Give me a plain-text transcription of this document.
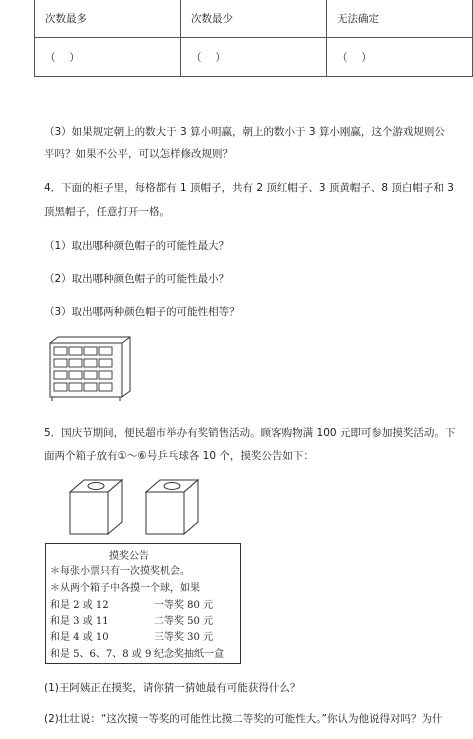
次数最多	次数最少	无法确定
（　 ）	（　 ）	（　 ）
（3）如果规定朝上的数大于 3 算小明赢，朝上的数小于 3 算小刚赢，这个游戏规则公
平吗？如果不公平，可以怎样修改规则？
4．下面的柜子里，每格都有 1 顶帽子，共有 2 顶红帽子、3 顶黄帽子、8 顶白帽子和 3
顶黑帽子，任意打开一格。
（1）取出哪种颜色帽子的可能性最大？
（2）取出哪种颜色帽子的可能性最小？
（3）取出哪两种颜色帽子的可能性相等？
5．国庆节期间，便民超市举办有奖销售活动。顾客购物满 100 元即可参加摸奖活动。下
面两个箱子放有①～⑥号乒乓球各 10 个，摸奖公告如下：
摸奖公告
＊每张小票只有一次摸奖机会。
＊从两个箱子中各摸一个球，如果
和是 2 或 12	一等奖 80 元
和是 3 或 11	二等奖 50 元
和是 4 或 10	三等奖 30 元
和是 5、6、7、8 或 9 纪念奖抽纸一盒
(1)王阿姨正在摸奖，请你猜一猜她最有可能获得什么？
(2)壮壮说：“这次摸一等奖的可能性比摸二等奖的可能性大。”你认为他说得对吗？为什
